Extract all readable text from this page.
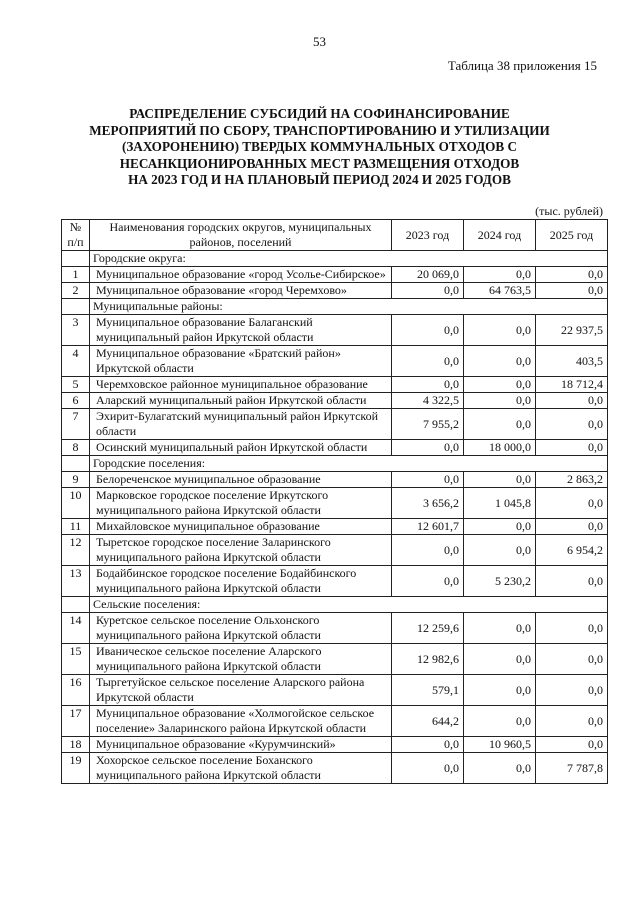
53
Таблица 38 приложения 15
РАСПРЕДЕЛЕНИЕ СУБСИДИЙ НА СОФИНАНСИРОВАНИЕ
МЕРОПРИЯТИЙ ПО СБОРУ, ТРАНСПОРТИРОВАНИЮ И УТИЛИЗАЦИИ
(ЗАХОРОНЕНИЮ) ТВЕРДЫХ КОММУНАЛЬНЫХ ОТХОДОВ С
НЕСАНКЦИОНИРОВАННЫХ МЕСТ РАЗМЕЩЕНИЯ ОТХОДОВ
НА 2023 ГОД И НА ПЛАНОВЫЙ ПЕРИОД 2024 И 2025 ГОДОВ
(тыс. рублей)
№ п/п	Наименования городских округов, муниципальных районов, поселений	2023 год	2024 год	2025 год
	Городские округа:			
1	Муниципальное образование «город Усолье-Сибирское»	20 069,0	0,0	0,0
2	Муниципальное образование «город Черемхово»	0,0	64 763,5	0,0
	Муниципальные районы:			
3	Муниципальное образование Балаганский муниципальный район Иркутской области	0,0	0,0	22 937,5
4	Муниципальное образование «Братский район» Иркутской области	0,0	0,0	403,5
5	Черемховское районное муниципальное образование	0,0	0,0	18 712,4
6	Аларский муниципальный район Иркутской области	4 322,5	0,0	0,0
7	Эхирит-Булагатский муниципальный район Иркутской области	7 955,2	0,0	0,0
8	Осинский муниципальный район Иркутской области	0,0	18 000,0	0,0
	Городские поселения:			
9	Белореченское муниципальное образование	0,0	0,0	2 863,2
10	Марковское городское поселение Иркутского муниципального района Иркутской области	3 656,2	1 045,8	0,0
11	Михайловское муниципальное образование	12 601,7	0,0	0,0
12	Тыретское городское поселение Заларинского муниципального района Иркутской области	0,0	0,0	6 954,2
13	Бодайбинское городское поселение Бодайбинского муниципального района Иркутской области	0,0	5 230,2	0,0
	Сельские поселения:			
14	Куретское сельское поселение Ольхонского муниципального района Иркутской области	12 259,6	0,0	0,0
15	Иваническое сельское поселение Аларского муниципального района Иркутской области	12 982,6	0,0	0,0
16	Тыргетуйское сельское поселение Аларского района Иркутской области	579,1	0,0	0,0
17	Муниципальное образование «Холмогойское сельское поселение» Заларинского района Иркутской области	644,2	0,0	0,0
18	Муниципальное образование «Курумчинский»	0,0	10 960,5	0,0
19	Хохорское сельское поселение Боханского муниципального района Иркутской области	0,0	0,0	7 787,8
